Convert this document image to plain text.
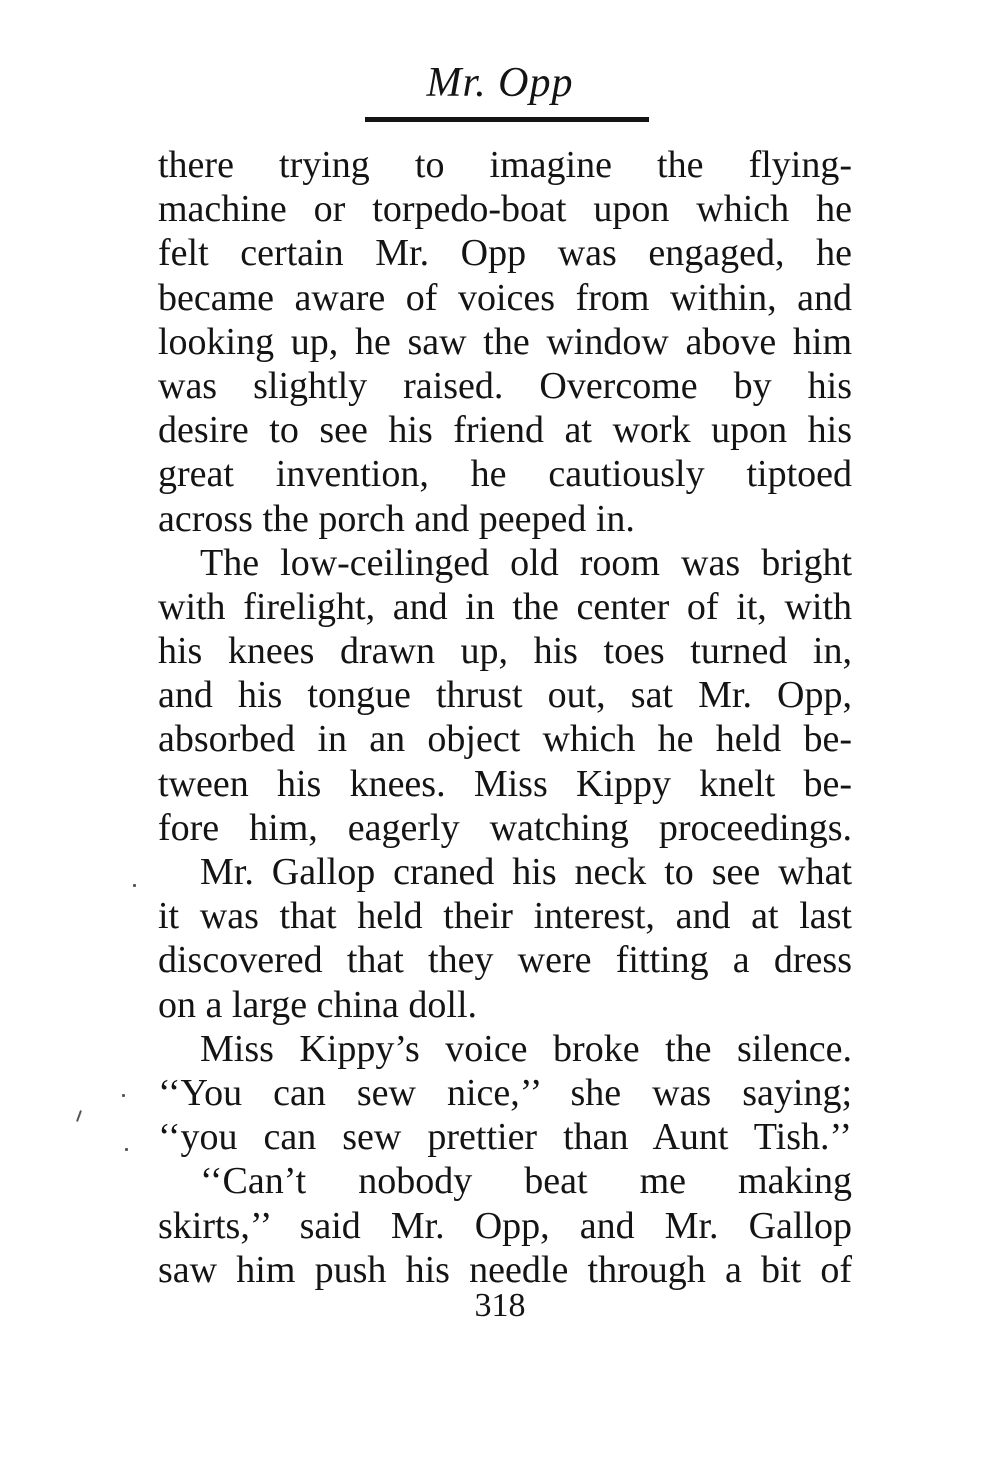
Mr. Opp
there trying to imagine the flying-
machine or torpedo-boat upon which he
felt certain Mr. Opp was engaged, he
became aware of voices from within, and
looking up, he saw the window above him
was slightly raised. Overcome by his
desire to see his friend at work upon his
great invention, he cautiously tiptoed
across the porch and peeped in.
The low-ceilinged old room was bright
with firelight, and in the center of it, with
his knees drawn up, his toes turned in,
and his tongue thrust out, sat Mr. Opp,
absorbed in an object which he held be-
tween his knees. Miss Kippy knelt be-
fore him, eagerly watching proceedings.
Mr. Gallop craned his neck to see what
it was that held their interest, and at last
discovered that they were fitting a dress
on a large china doll.
Miss Kippy’s voice broke the silence.
‘‘You can sew nice,’’ she was saying;
‘‘you can sew prettier than Aunt Tish.’’
‘‘Can’t nobody beat me making
skirts,’’ said Mr. Opp, and Mr. Gallop
saw him push his needle through a bit of
318
